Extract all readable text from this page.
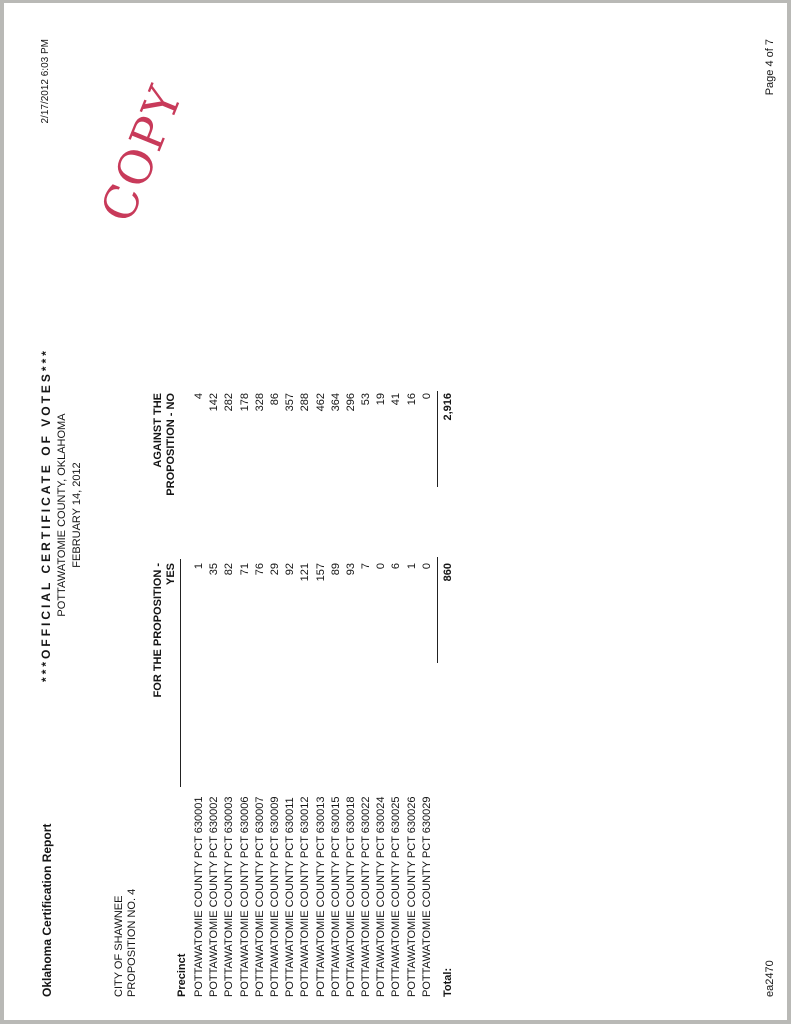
Oklahoma Certification Report
***OFFICIAL CERTIFICATE OF VOTES*** POTTAWATOMIE COUNTY, OKLAHOMA FEBRUARY 14, 2012
2/17/2012 6:03 PM COPY
CITY OF SHAWNEE PROPOSITION NO. 4
FOR THE PROPOSITION - YES
AGAINST THE PROPOSITION - NO
Precinct POTTAWATOMIE COUNTY PCT 630001
1
4
POTTAWATOMIE COUNTY PCT 630002
35
142
POTTAWATOMIE COUNTY PCT 630003
82
282
POTTAWATOMIE COUNTY PCT 630006
71
178
POTTAWATOMIE COUNTY PCT 630007
76
328
POTTAWATOMIE COUNTY PCT 630009
29
86
POTTAWATOMIE COUNTY PCT 630011
92
357
POTTAWATOMIE COUNTY PCT 630012
121
288
POTTAWATOMIE COUNTY PCT 630013
157
462
POTTAWATOMIE COUNTY PCT 630015
89
364
POTTAWATOMIE COUNTY PCT 630018
93
296
POTTAWATOMIE COUNTY PCT 630022
7
53
POTTAWATOMIE COUNTY PCT 630024
0
19
POTTAWATOMIE COUNTY PCT 630025
6
41
POTTAWATOMIE COUNTY PCT 630026
1
16
POTTAWATOMIE COUNTY PCT 630029
0
0
Total:
860
2,916
ea2470
Page 4 of 7
